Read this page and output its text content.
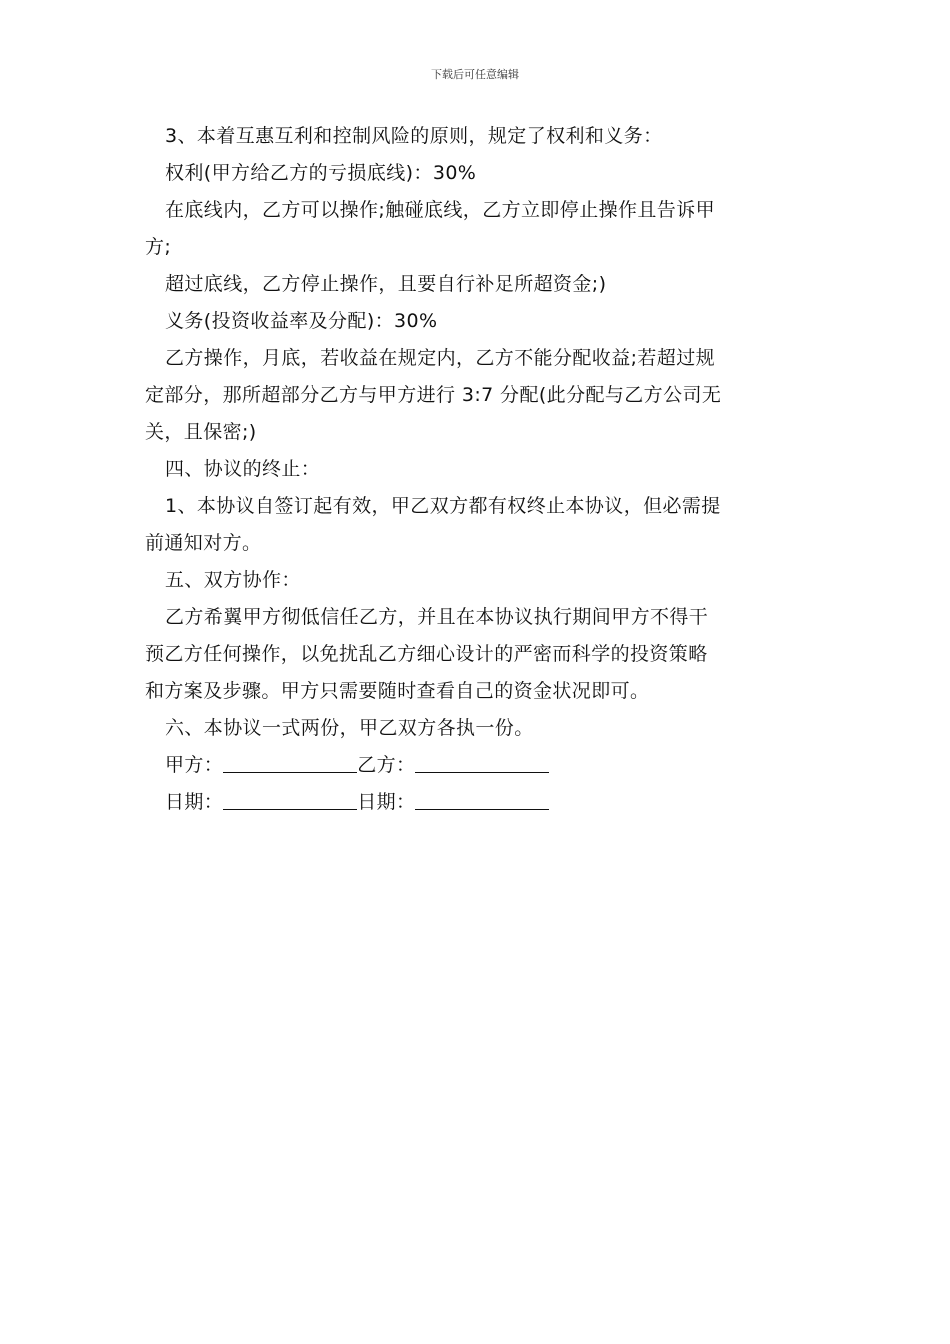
下载后可任意编辑
3、本着互惠互利和控制风险的原则，规定了权利和义务：
权利(甲方给乙方的亏损底线)：30%
在底线内，乙方可以操作;触碰底线，乙方立即停止操作且告诉甲
方;
超过底线，乙方停止操作，且要自行补足所超资金;)
义务(投资收益率及分配)：30%
乙方操作，月底，若收益在规定内，乙方不能分配收益;若超过规
定部分，那所超部分乙方与甲方进行 3:7 分配(此分配与乙方公司无
关，且保密;)
四、协议的终止：
1、本协议自签订起有效，甲乙双方都有权终止本协议，但必需提
前通知对方。
五、双方协作：
乙方希翼甲方彻低信任乙方，并且在本协议执行期间甲方不得干
预乙方任何操作，以免扰乱乙方细心设计的严密而科学的投资策略
和方案及步骤。甲方只需要随时查看自己的资金状况即可。
六、本协议一式两份，甲乙双方各执一份。
甲方：	乙方：
日期：	日期：
